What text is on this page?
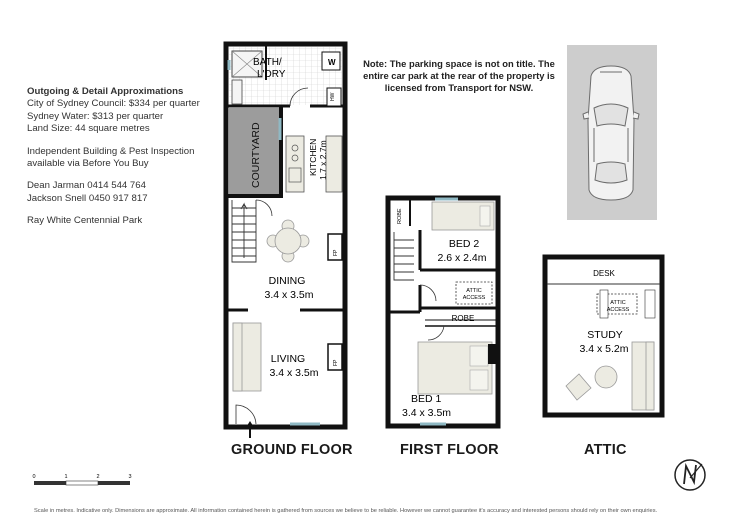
BATH/
L'DRY
W
HW
COURTYARD	KITCHEN 1.7 x 2.7m
DINING
3.4 x 3.5m
LIVING
3.4 x 3.5m
FP
FP
ROBE
BED 2
2.6 x 2.4m
ATTIC
ACCESS
ROBE
BED 1
3.4 x 3.5m
DESK
ATTIC
ACCESS
STUDY
3.4 x 5.2m
0	1	2	3
Outgoing & Detail Approximations
City of Sydney Council: $334 per quarter
Sydney Water: $313 per quarter
Land Size: 44 square metres
Independent Building & Pest Inspection
available via Before You Buy
Dean Jarman 0414 544 764
Jackson Snell 0450 917 817
Ray White Centennial Park
Note: The parking space is not on title. The entire car park at the rear of the property is licensed from Transport for NSW.
GROUND FLOOR	FIRST FLOOR	ATTIC
Scale in metres. Indicative only. Dimensions are approximate. All information contained herein is gathered from sources we believe to be reliable. However we cannot guarantee it's accuracy and interested persons should rely on their own enquiries.
